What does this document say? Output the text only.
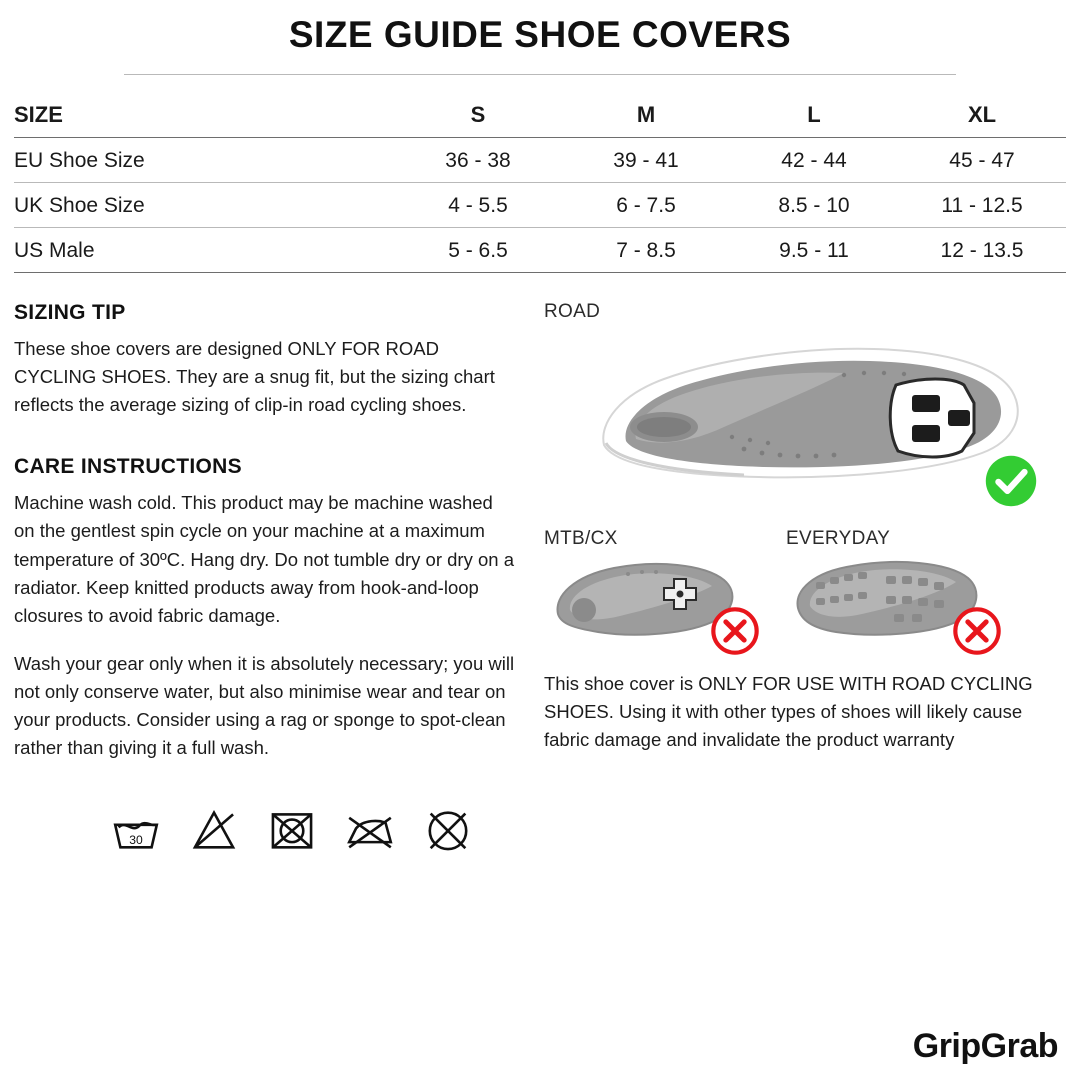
SIZE GUIDE SHOE COVERS
SIZE	S	M	L	XL
EU Shoe Size	36 - 38	39 - 41	42 - 44	45 - 47
UK Shoe Size	4 - 5.5	6 - 7.5	8.5 - 10	11 - 12.5
US Male	5 - 6.5	7 - 8.5	9.5 - 11	12 - 13.5
SIZING TIP

These shoe covers are designed ONLY FOR ROAD CYCLING SHOES. They are a snug fit, but the sizing chart reflects the average sizing of clip-in road cycling shoes.

CARE INSTRUCTIONS

Machine wash cold. This product may be machine washed on the gentlest spin cycle on your machine at a maximum temperature of 30ºC. Hang dry. Do not tumble dry or dry on a radiator. Keep knitted products away from hook-and-loop closures to avoid fabric damage.

Wash your gear only when it is absolutely necessary; you will not only conserve water, but also minimise wear and tear on your products. Consider using a rag or sponge to spot-clean rather than giving it a full wash.

30
ROAD
MTB/CX	EVERYDAY

This shoe cover is ONLY FOR USE WITH ROAD CYCLING SHOES. Using it with other types of shoes will likely cause fabric damage and invalidate the product warranty

GripGrab
